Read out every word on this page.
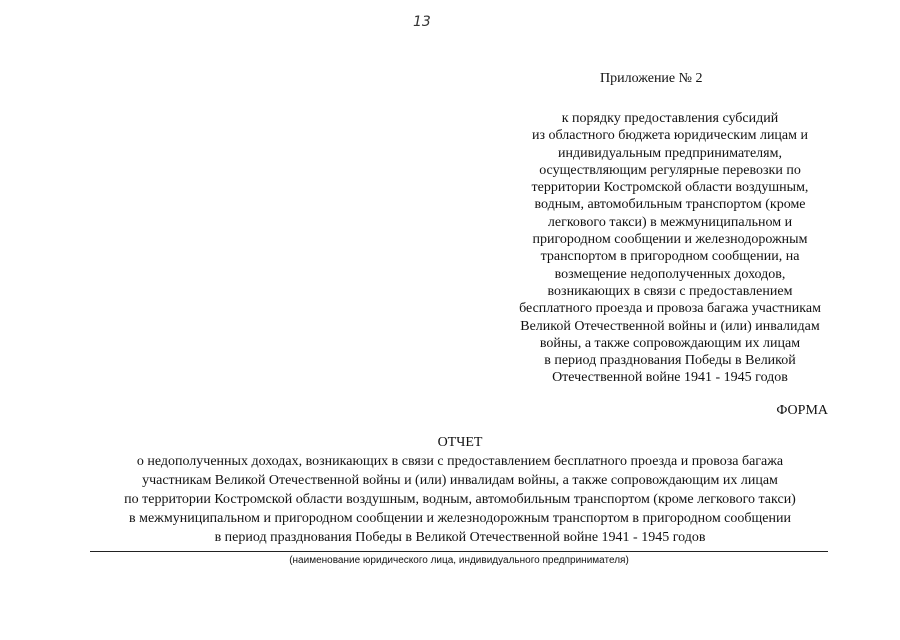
13
Приложение № 2
к порядку предоставления субсидий
из областного бюджета юридическим лицам и
индивидуальным предпринимателям,
осуществляющим регулярные перевозки по
территории Костромской области воздушным,
водным, автомобильным транспортом (кроме
легкового такси) в межмуниципальном и
пригородном сообщении и железнодорожным
транспортом в пригородном сообщении, на
возмещение недополученных доходов,
возникающих в связи с предоставлением
бесплатного проезда и провоза багажа участникам
Великой Отечественной войны и (или) инвалидам
войны, а также сопровождающим их лицам
в период празднования Победы в Великой
Отечественной войне 1941 - 1945 годов
ФОРМА
ОТЧЕТ
о недополученных доходах, возникающих в связи с предоставлением бесплатного проезда и провоза багажа
участникам Великой Отечественной войны и (или) инвалидам войны, а также сопровождающим их лицам
по территории Костромской области воздушным, водным, автомобильным транспортом (кроме легкового такси)
в межмуниципальном и пригородном сообщении и железнодорожным транспортом в пригородном сообщении
в период празднования Победы в Великой Отечественной войне 1941 - 1945 годов
(наименование юридического лица, индивидуального предпринимателя)
